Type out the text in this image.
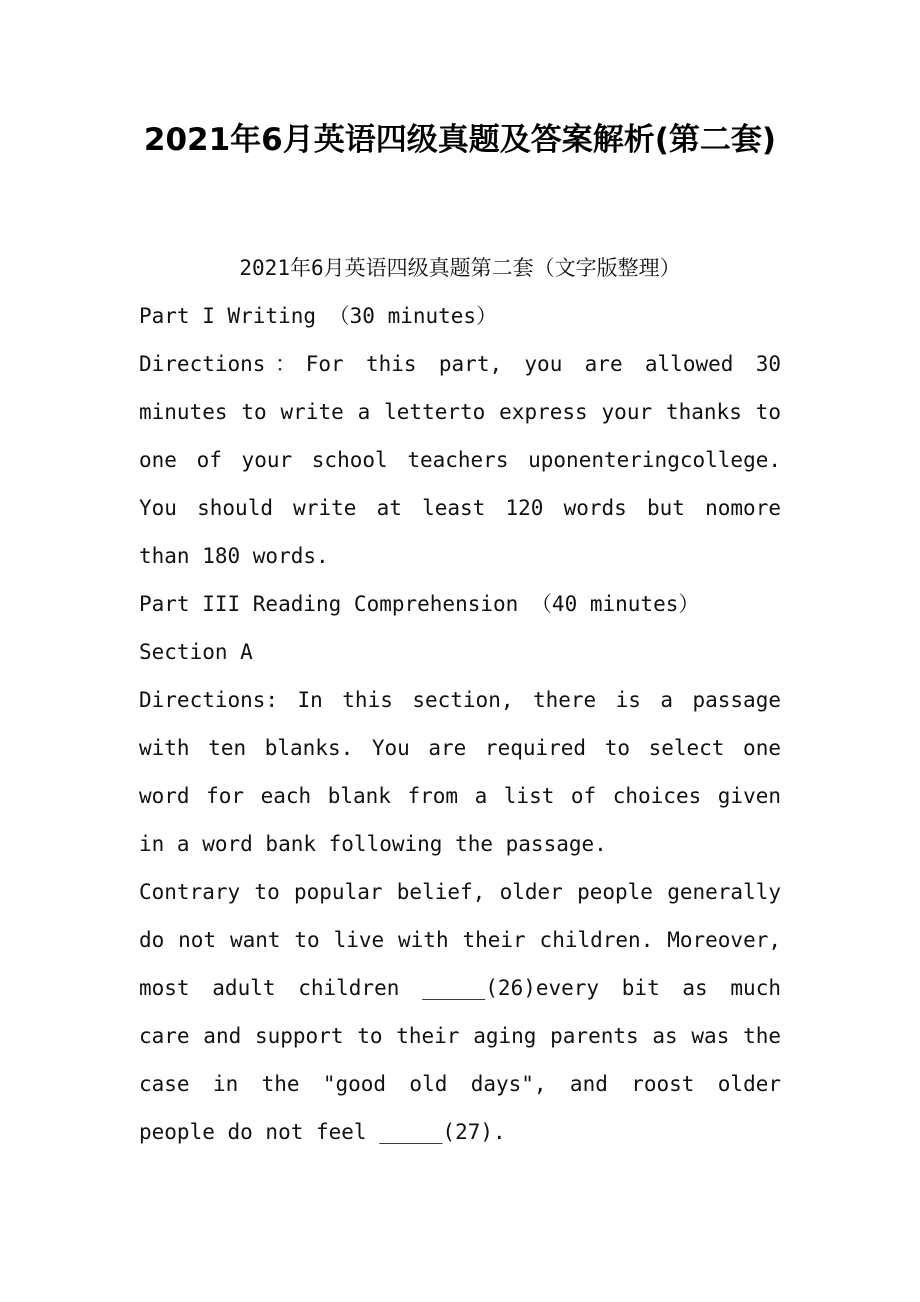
2021年6月英语四级真题及答案解析(第二套)

2021年6月英语四级真题第二套（文字版整理）

Part I Writing （30 minutes）

Directions：For this part, you are allowed 30 minutes to write a letterto express your thanks to one of your school teachers uponenteringcollege. You should write at least 120 words but nomore than 180 words.

Part III Reading Comprehension （40 minutes）

Section A

Directions: In this section, there is a passage with ten blanks. You are required to select one word for each blank from a list of choices given in a word bank following the passage.

Contrary to popular belief, older people generally do not want to live with their children. Moreover, most adult children _____(26)every bit as much care and support to their aging parents as was the case in the "good old days", and roost older people do not feel _____(27).
